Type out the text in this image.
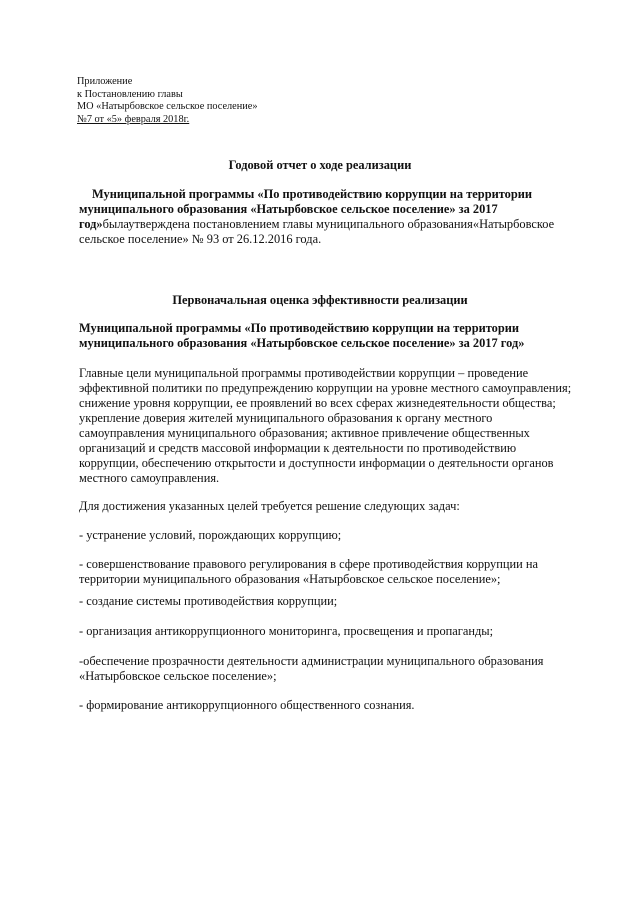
Приложение
к Постановлению главы
МО «Натырбовское сельское поселение»
№7 от «5» февраля 2018г.
Годовой отчет о ходе реализации
Муниципальной программы «По противодействию коррупции на территории
муниципального образования «Натырбовское сельское поселение» за 2017
год»былаутверждена постановлением главы муниципального образования«Натырбовское
сельское поселение» № 93 от 26.12.2016 года.
Первоначальная оценка эффективности реализации
Муниципальной программы «По противодействию коррупции на территории
муниципального образования «Натырбовское сельское поселение» за 2017 год»
Главные цели муниципальной программы противодействии коррупции – проведение
эффективной политики по предупреждению коррупции на уровне местного самоуправления;
снижение уровня коррупции, ее проявлений во всех сферах жизнедеятельности общества;
укрепление доверия жителей муниципального образования к органу местного
самоуправления муниципального образования; активное привлечение общественных
организаций и средств массовой информации к деятельности по противодействию
коррупции, обеспечению открытости и доступности информации о деятельности органов
местного самоуправления.
Для достижения указанных целей требуется решение следующих задач:
- устранение условий, порождающих коррупцию;
- совершенствование правового регулирования в сфере противодействия коррупции на
территории муниципального образования «Натырбовское сельское поселение»;
- создание системы противодействия коррупции;
- организация антикоррупционного мониторинга, просвещения и пропаганды;
-обеспечение прозрачности деятельности администрации муниципального образования
«Натырбовское сельское поселение»;
- формирование антикоррупционного общественного сознания.
